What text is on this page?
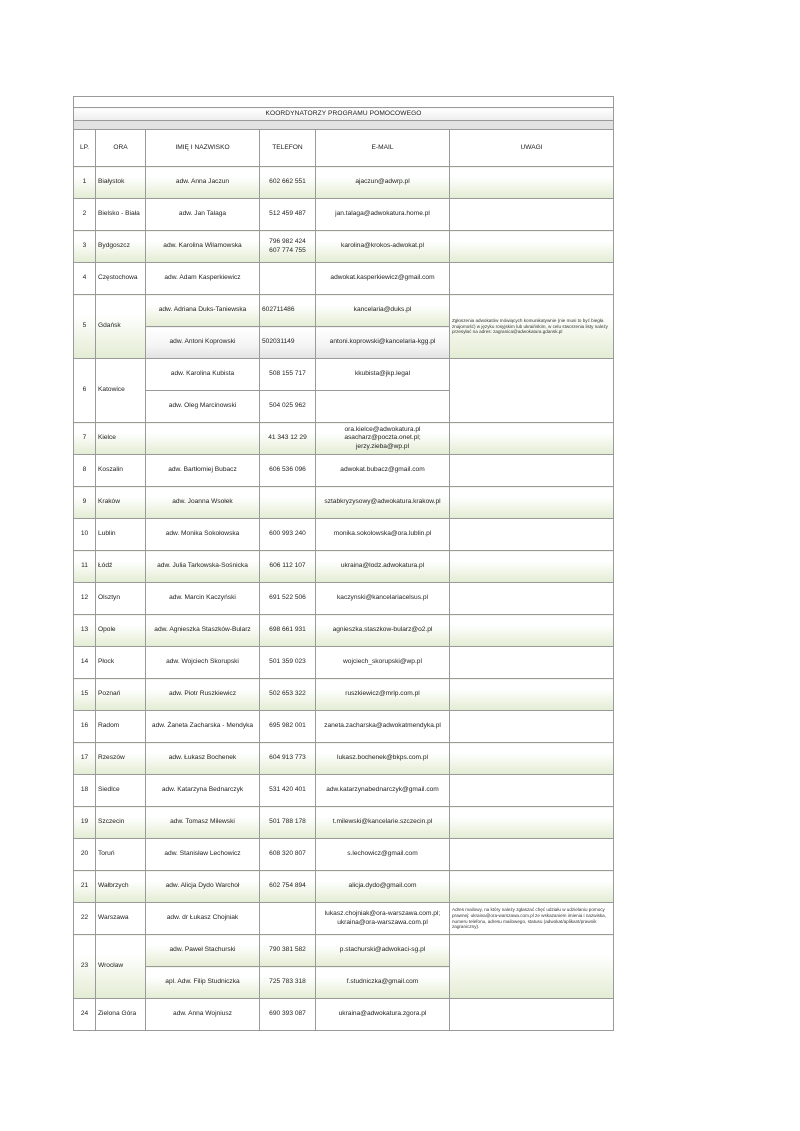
KOORDYNATORZY PROGRAMU POMOCOWEGO					

LP.	ORA	IMIĘ I NAZWISKO	TELEFON	E-MAIL	UWAGI
1	Białystok	adw. Anna Jaczun	602 662 551	ajaczun@adwrp.pl	
2	Bielsko - Biała	adw. Jan Talaga	512 459 487	jan.talaga@adwokatura.home.pl	
3	Bydgoszcz	adw. Karolina Wilamowska	796 982 424
607 774 755	karolina@krokos-adwokat.pl	
4	Częstochowa	adw. Adam Kasperkiewicz		adwokat.kasperkiewicz@gmail.com	
5	Gdańsk	adw. Adriana Duks-Taniewska	602711486	kancelaria@duks.pl	Zgłoszenia adwokatów mówiących komunikatywnie (nie musi to być biegła znajomość) w języku rosyjskim lub ukraińskim, w celu stworzenia listy należy przesyłać na adres: zagranica@adwokatura.gdansk.pl
		adw. Antoni Koprowski	502031149	antoni.koprowski@kancelaria-kgg.pl	
6	Katowice	adw. Karolina Kubista	508 155 717	kkubista@jkp.legal	
		adw. Oleg Marcinowski	504 025 962		
7	Kielce		41 343 12 29	ora.kielce@adwokatura.pl
asacharz@poczta.onet.pl;
jerzy.zieba@wp.pl	
8	Koszalin	adw. Bartłomiej Bubacz	606 536 096	adwokat.bubacz@gmail.com	
9	Kraków	adw. Joanna Wsołek		sztabkryzysowy@adwokatura.krakow.pl	
10	Lublin	adw. Monika Sokołowska	600 993 240	monika.sokolowska@ora.lublin.pl	
11	Łódź	adw. Julia Tarkowska-Sośnicka	606 112 107	ukraina@lodz.adwokatura.pl	
12	Olsztyn	adw. Marcin Kaczyński	691 522 506	kaczynski@kancelariacelsus.pl	
13	Opole	adw. Agnieszka Staszków-Bularz	698 661 931	agnieszka.staszkow-bularz@o2.pl	
14	Płock	adw. Wojciech Skorupski	501 359 023	wojciech_skorupski@wp.pl	
15	Poznań	adw. Piotr Ruszkiewicz	502 653 322	ruszkiewicz@mrlp.com.pl	
16	Radom	adw. Żaneta Zacharska - Mendyka	695 982 001	zaneta.zacharska@adwokatmendyka.pl	
17	Rzeszów	adw. Łukasz Bochenek	604 913 773	lukasz.bochenek@bkps.com.pl	
18	Siedlce	adw. Katarzyna Bednarczyk	531 420 401	adw.katarzynabednarczyk@gmail.com	
19	Szczecin	adw. Tomasz Milewski	501 788 178	t.milewski@kancelarie.szczecin.pl	
20	Toruń	adw. Stanisław Lechowicz	608 320 807	s.lechowicz@gmail.com	
21	Wałbrzych	adw. Alicja Dydo Warchoł	602 754 894	alicja.dydo@gmail.com	
22	Warszawa	adw. dr Łukasz Chojniak		lukasz.chojniak@ora-warszawa.com.pl;
ukraina@ora-warszawa.com.pl	Adres mailowy, na który należy zgłaszać chęć udziału w udzielaniu pomocy prawnej: ukraina@ora-warszawa.com.pl ze wskazaniem imienia i nazwiska, numeru telefonu, adresu mailowego, statusu (adwokat/aplikant/prawnik zagraniczny).
23	Wrocław	adw. Paweł Stachurski	790 381 582	p.stachurski@adwokaci-sg.pl	
		apl. Adw. Filip Studniczka	725 783 318	f.studniczka@gmail.com	
24	Zielona Góra	adw. Anna Wojniusz	690 393 087	ukraina@adwokatura.zgora.pl	
